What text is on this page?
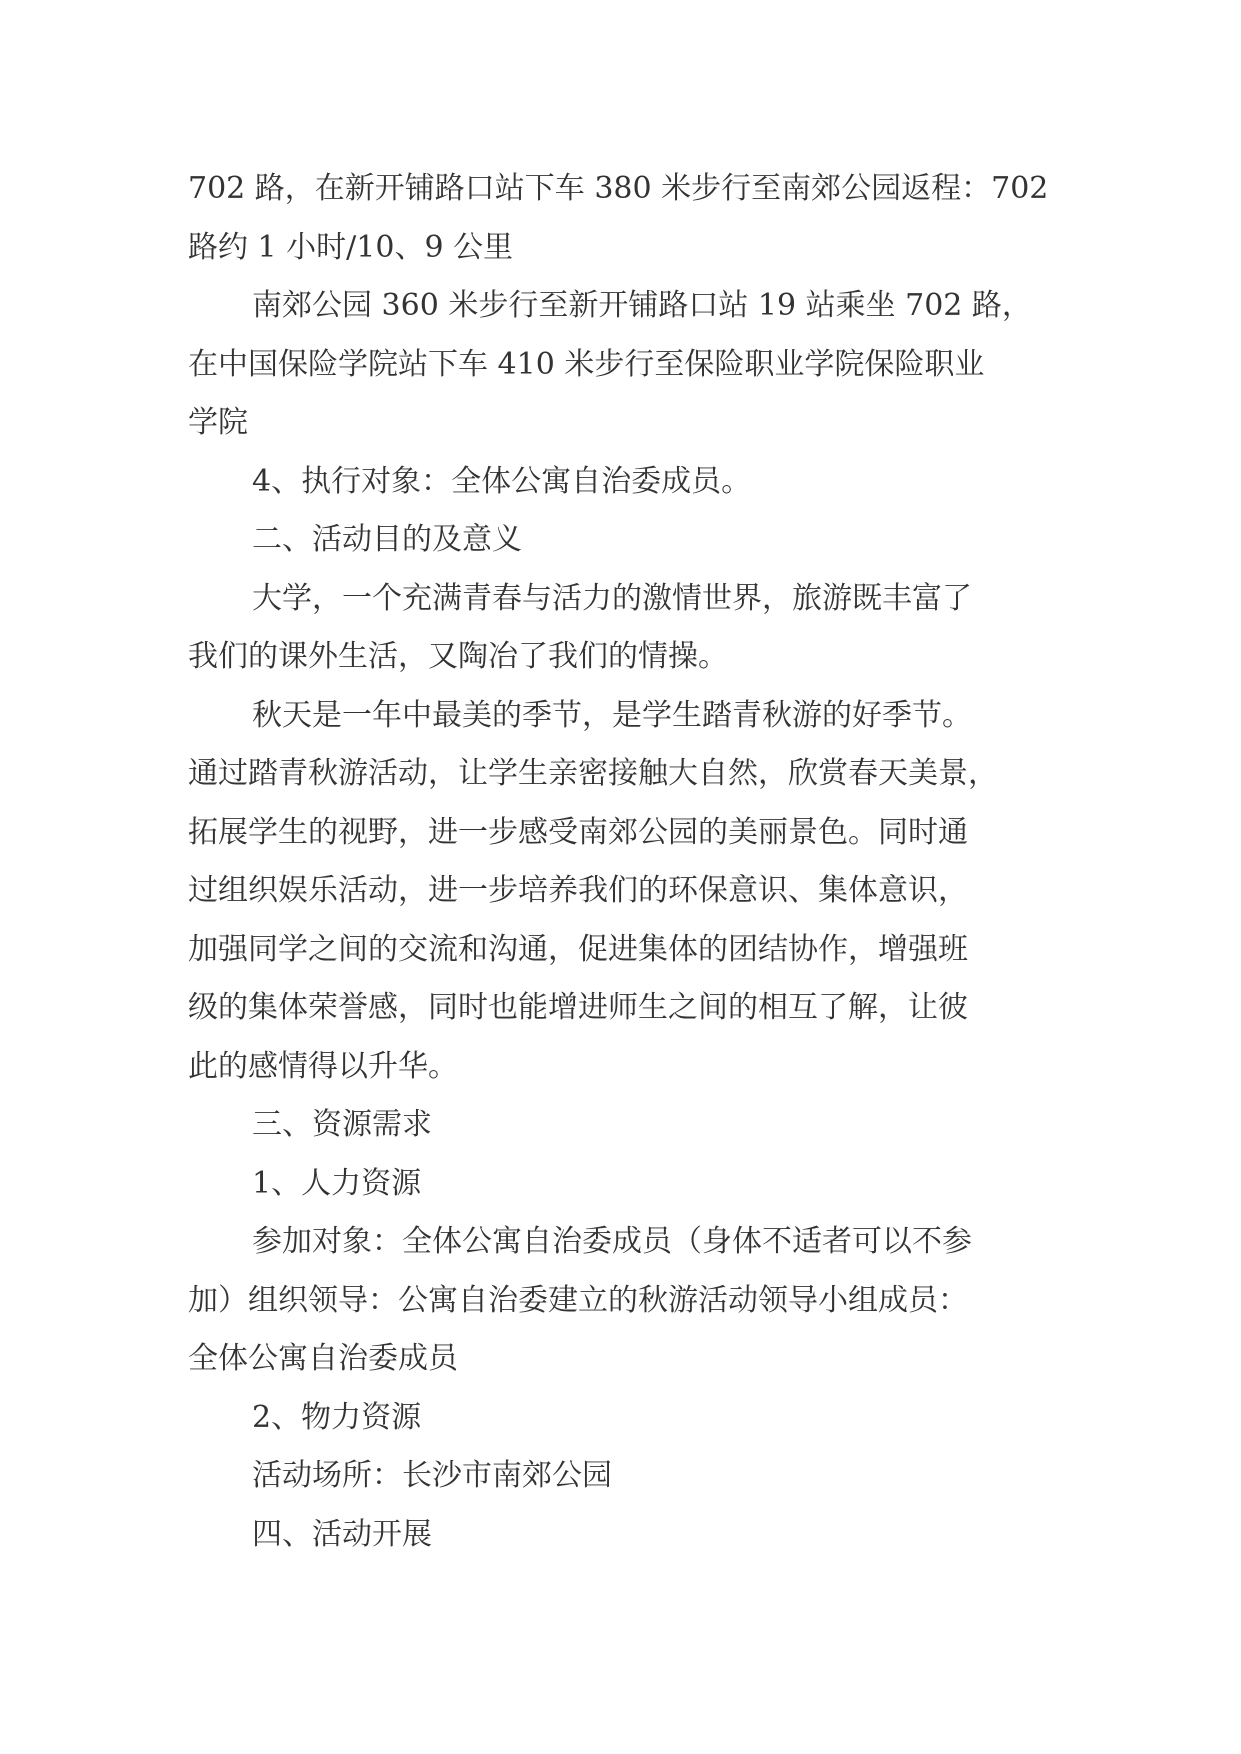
702 路，在新开铺路口站下车 380 米步行至南郊公园返程：702
路约 1 小时/10、9 公里

南郊公园 360 米步行至新开铺路口站 19 站乘坐 702 路，
在中国保险学院站下车 410 米步行至保险职业学院保险职业
学院

4、执行对象：全体公寓自治委成员。

二、活动目的及意义

大学，一个充满青春与活力的激情世界，旅游既丰富了
我们的课外生活，又陶冶了我们的情操。

秋天是一年中最美的季节，是学生踏青秋游的好季节。
通过踏青秋游活动，让学生亲密接触大自然，欣赏春天美景，
拓展学生的视野，进一步感受南郊公园的美丽景色。同时通
过组织娱乐活动，进一步培养我们的环保意识、集体意识，
加强同学之间的交流和沟通，促进集体的团结协作，增强班
级的集体荣誉感，同时也能增进师生之间的相互了解，让彼
此的感情得以升华。

三、资源需求

1、人力资源

参加对象：全体公寓自治委成员（身体不适者可以不参
加）组织领导：公寓自治委建立的秋游活动领导小组成员：
全体公寓自治委成员

2、物力资源

活动场所：长沙市南郊公园

四、活动开展
